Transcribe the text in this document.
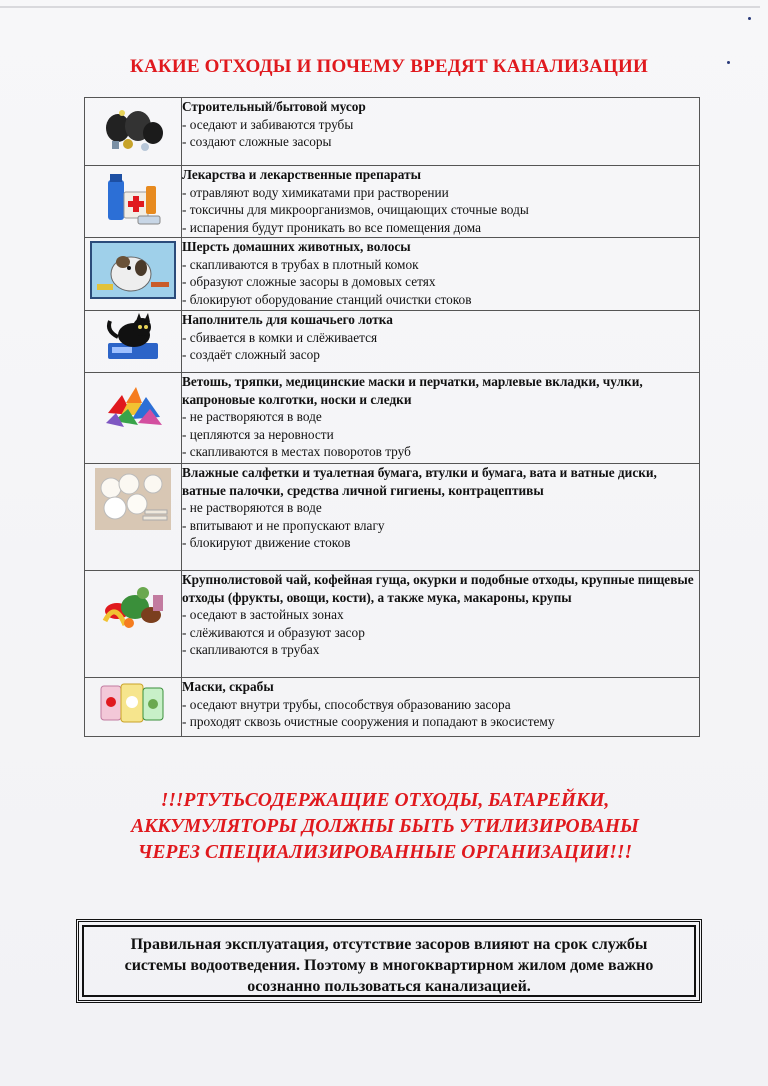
КАКИЕ ОТХОДЫ И ПОЧЕМУ ВРЕДЯТ КАНАЛИЗАЦИИ

Строительный/бытовой мусор
- оседают и забиваются трубы
- создают сложные засоры

Лекарства и лекарственные препараты
- отравляют воду химикатами при растворении
- токсичны для микроорганизмов, очищающих сточные воды
- испарения будут проникать во все помещения дома

Шерсть домашних животных, волосы
- скапливаются в трубах в плотный комок
- образуют сложные засоры в домовых сетях
- блокируют оборудование станций очистки стоков

Наполнитель для кошачьего лотка
- сбивается в комки и слёживается
- создаёт сложный засор

Ветошь, тряпки, медицинские маски и перчатки, марлевые вкладки, чулки, капроновые колготки, носки и следки
- не растворяются в воде
- цепляются за неровности
- скапливаются в местах поворотов труб

Влажные салфетки и туалетная бумага, втулки и бумага, вата и ватные диски, ватные палочки, средства личной гигиены, контрацептивы
- не растворяются в воде
- впитывают и не пропускают влагу
- блокируют движение стоков

Крупнолистовой чай, кофейная гуща, окурки и подобные отходы, крупные пищевые отходы (фрукты, овощи, кости), а также мука, макароны, крупы
- оседают в застойных зонах
- слёживаются и образуют засор
- скапливаются в трубах

Маски, скрабы
- оседают внутри трубы, способствуя образованию засора
- проходят сквозь очистные сооружения и попадают в экосистему
!!!РТУТЬСОДЕРЖАЩИЕ ОТХОДЫ, БАТАРЕЙКИ,
АККУМУЛЯТОРЫ ДОЛЖНЫ БЫТЬ УТИЛИЗИРОВАНЫ
ЧЕРЕЗ СПЕЦИАЛИЗИРОВАННЫЕ ОРГАНИЗАЦИИ!!!

Правильная эксплуатация, отсутствие засоров влияют на срок службы
системы водоотведения. Поэтому в многоквартирном жилом доме важно
осознанно пользоваться канализацией.
